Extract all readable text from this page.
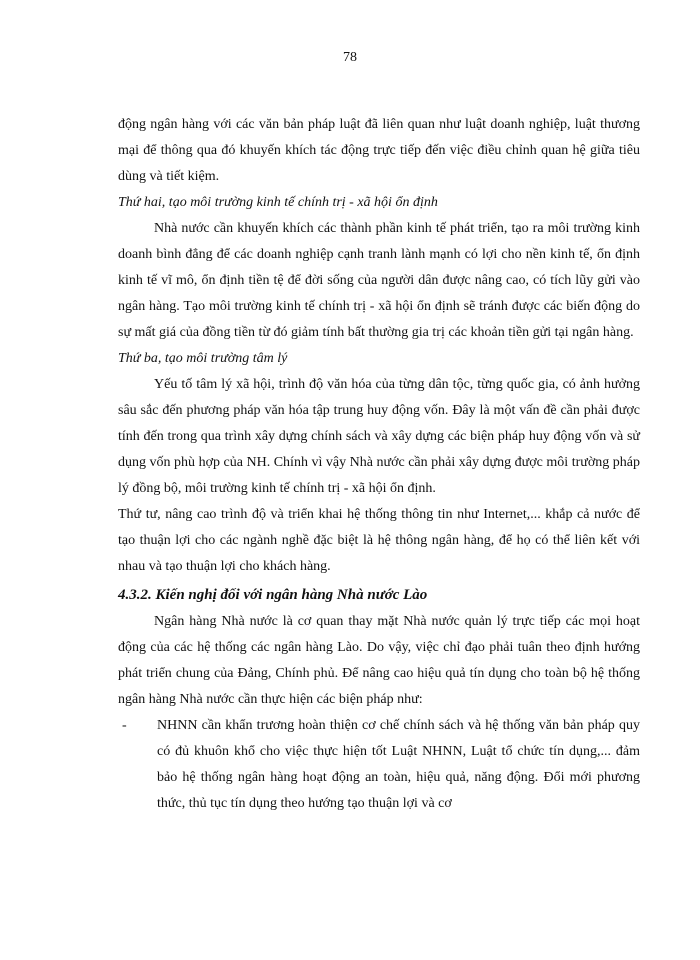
78

động ngân hàng với các văn bản pháp luật đã liên quan như luật doanh nghiệp, luật thương mại để thông qua đó khuyến khích tác động trực tiếp đến việc điều chỉnh quan hệ giữa tiêu dùng và tiết kiệm.

Thứ hai, tạo môi trường kinh tế chính trị - xã hội ổn định

Nhà nước cần khuyến khích các thành phần kinh tế phát triển, tạo ra môi trường kinh doanh bình đẳng để các doanh nghiệp cạnh tranh lành mạnh có lợi cho nền kinh tế, ổn định kinh tế vĩ mô, ổn định tiền tệ để đời sống của người dân được nâng cao, có tích lũy gửi vào ngân hàng. Tạo môi trường kinh tế chính trị - xã hội ổn định sẽ tránh được các biến động do sự mất giá của đồng tiền từ đó giảm tính bất thường gia trị các khoản tiền gửi tại ngân hàng.

Thứ ba, tạo môi trường tâm lý

Yếu tố tâm lý xã hội, trình độ văn hóa của từng dân tộc, từng quốc gia, có ảnh hưởng sâu sắc đến phương pháp văn hóa tập trung huy động vốn. Đây là một vấn đề cần phải được tính đến trong qua trình xây dựng chính sách và xây dựng các biện pháp huy động vốn và sử dụng vốn phù hợp của NH. Chính vì vậy Nhà nước cần phải xây dựng được môi trường pháp lý đồng bộ, môi trường kinh tế chính trị - xã hội ổn định.

Thứ tư, nâng cao trình độ và triển khai hệ thống thông tin như Internet,... khắp cả nước để tạo thuận lợi cho các ngành nghề đặc biệt là hệ thông ngân hàng, để họ có thể liên kết với nhau và tạo thuận lợi cho khách hàng.

4.3.2. Kiến nghị đối với ngân hàng Nhà nước Lào

Ngân hàng Nhà nước là cơ quan thay mặt Nhà nước quản lý trực tiếp các mọi hoạt động của các hệ thống các ngân hàng Lào. Do vậy, việc chỉ đạo phải tuân theo định hướng phát triển chung của Đảng, Chính phủ. Để nâng cao hiệu quả tín dụng cho toàn bộ hệ thống ngân hàng Nhà nước cần thực hiện các biện pháp như:

- NHNN cần khẩn trương hoàn thiện cơ chế chính sách và hệ thống văn bản pháp quy có đủ khuôn khổ cho việc thực hiện tốt Luật NHNN, Luật tổ chức tín dụng,... đảm bảo hệ thống ngân hàng hoạt động an toàn, hiệu quả, năng động. Đổi mới phương thức, thủ tục tín dụng theo hướng tạo thuận lợi và cơ
